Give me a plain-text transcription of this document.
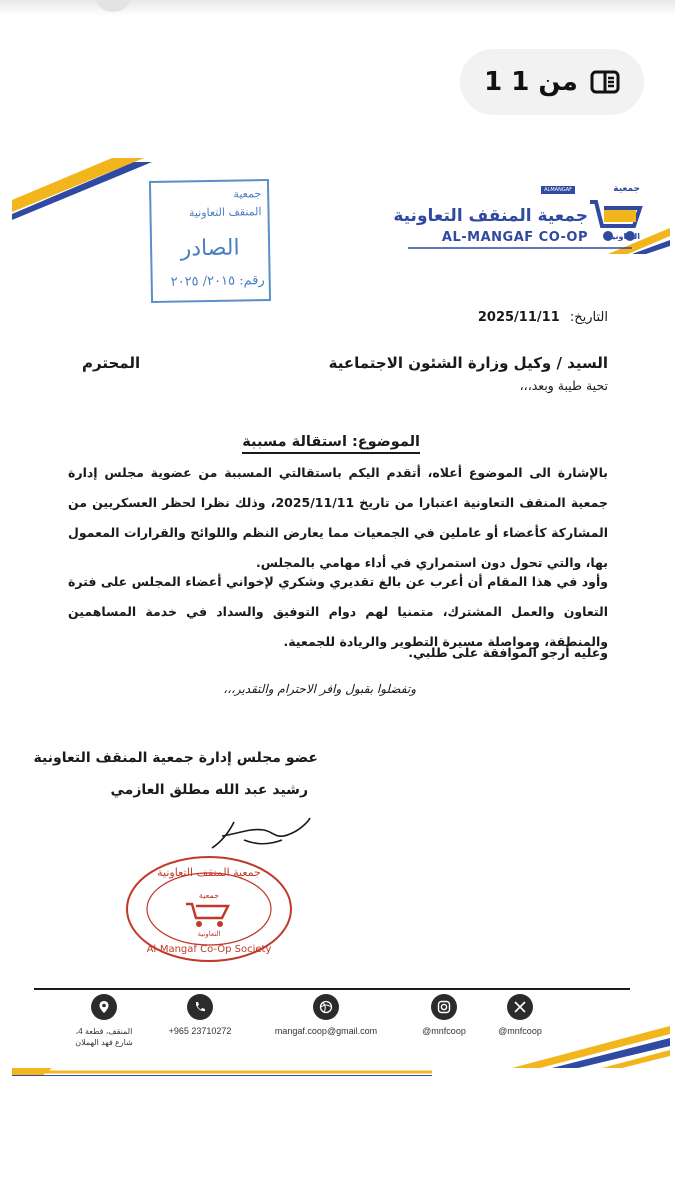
1 من 1
ALMANGAF
جمعية المنقف التعاونية
AL-MANGAF CO-OP
جمعية
التعاونية
جمعية
المنقف التعاونية
الصادر
رقم: ٢٠١٥/ ٢٠٢٥
التاريخ: 2025/11/11
السيد / وكيل وزارة الشئون الاجتماعية
المحترم
تحية طيبة وبعد،،،
الموضوع: استقالة مسببة
بالإشارة الى الموضوع أعلاه، أتقدم اليكم باستقالتي المسببة من عضوية مجلس إدارة جمعية المنقف التعاونية اعتبارا من تاريخ 2025/11/11، وذلك نظرا لحظر العسكريين من المشاركة كأعضاء أو عاملين في الجمعيات مما يعارض النظم واللوائح والقرارات المعمول بها، والتي تحول دون استمراري في أداء مهامي بالمجلس.
وأود في هذا المقام أن أعرب عن بالغ تقديري وشكري لإخواني أعضاء المجلس على فترة التعاون والعمل المشترك، متمنيا لهم دوام التوفيق والسداد في خدمة المساهمين والمنطقة، ومواصلة مسيرة التطوير والريادة للجمعية.
وعليه أرجو الموافقة على طلبي.
وتفضلوا بقبول وافر الاحترام والتقدير،،،
عضو مجلس إدارة جمعية المنقف التعاونية
رشيد عبد الله مطلق العازمي
جمعية المنقف التعاونية
Al-Mangaf Co-Op Society
جمعية
التعاونية
@mnfcoop
@mnfcoop
mangaf.coop@gmail.com
+965 23710272
المنقف، قطعة 4،
شارع فهد الهملان
